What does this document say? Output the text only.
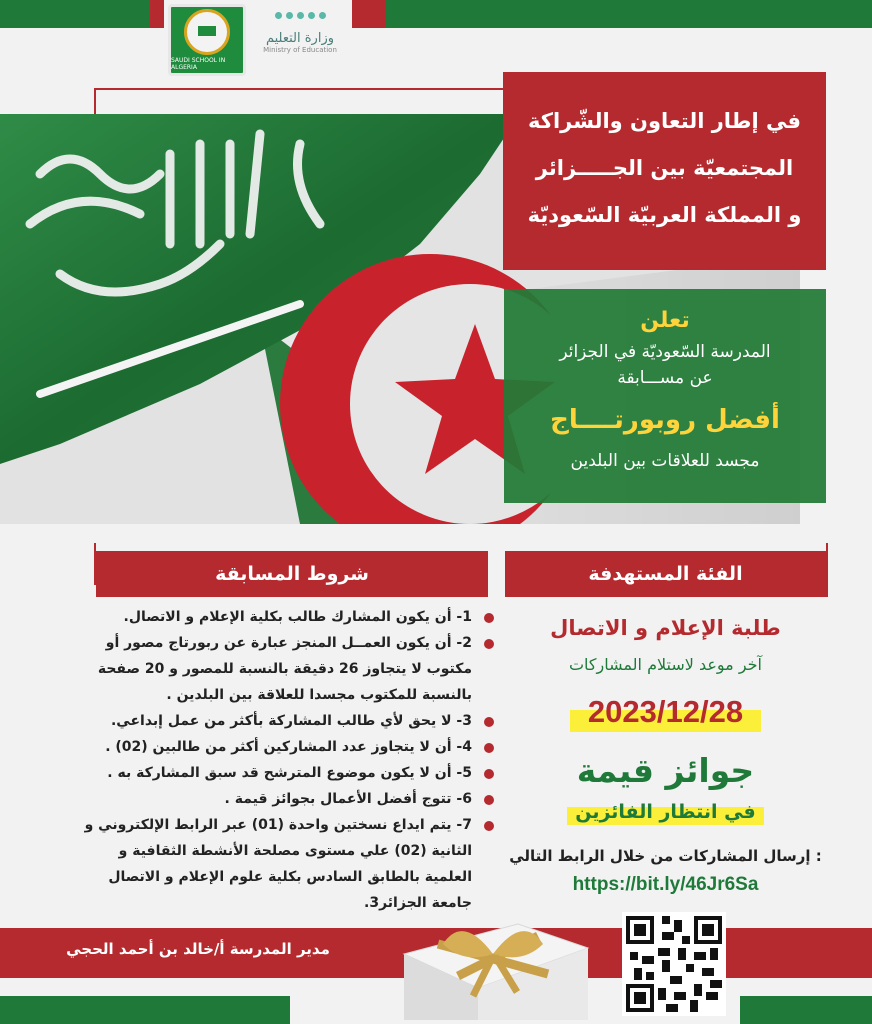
SAUDI SCHOOL IN ALGERIA
وزارة التعليم
Ministry of Education

في إطار التعاون والشّراكة

المجتمعيّة بين الجـــــزائر

و المملكة العربيّة السّعوديّة

تعلن
المدرسة السّعوديّة في الجزائر
عن مســـابقة
أفضل روبورتــــاج
مجسد للعلاقات بين البلدين
شروط المسابقة	الفئة المستهدفة
1- أن يكون المشارك طالب بكلية الإعلام و الاتصال.
2- أن يكون العمــل المنجز عبارة عن ربورتاج مصور أو مكتوب لا يتجاوز 26 دقيقة بالنسبة للمصور و 20 صفحة بالنسبة للمكتوب مجسدا للعلاقة بين البلدين .
3- لا يحق لأي طالب المشاركة بأكثر من عمل إبداعي.
4- أن لا يتجاوز عدد المشاركين أكثر من طالبين (02) .
5- أن لا يكون موضوع المترشح قد سبق المشاركة به .
6- تتوج أفضل الأعمال بجوائز قيمة .
7- يتم ايداع نسختين واحدة (01) عبر الرابط الإلكتروني و الثانية (02) علي مستوى مصلحة الأنشطة الثقافية و العلمية بالطابق السادس بكلية علوم الإعلام و الاتصال جامعة الجزائر3.
طلبة الإعلام و الاتصال
آخر موعد لاستلام المشاركات
2023/12/28
جوائز قيمة
في انتظار الفائزين
إرسال المشاركات من خلال الرابط التالي :
https://bit.ly/46Jr6Sa
مدير المدرسة أ/خالد بن أحمد الحجي
